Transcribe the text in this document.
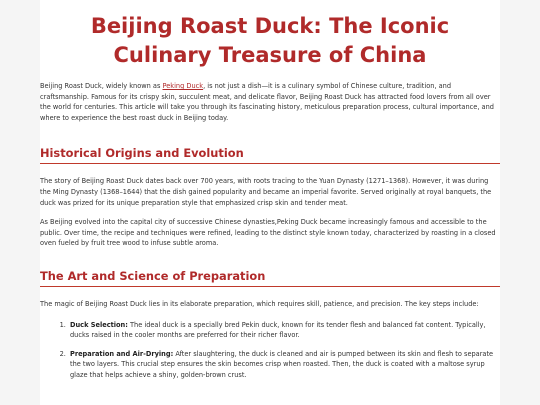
Beijing Roast Duck: The Iconic Culinary Treasure of China

Beijing Roast Duck, widely known as Peking Duck, is not just a dish—it is a culinary symbol of Chinese culture, tradition, and craftsmanship. Famous for its crispy skin, succulent meat, and delicate flavor, Beijing Roast Duck has attracted food lovers from all over the world for centuries. This article will take you through its fascinating history, meticulous preparation process, cultural importance, and where to experience the best roast duck in Beijing today.

Historical Origins and Evolution

The story of Beijing Roast Duck dates back over 700 years, with roots tracing to the Yuan Dynasty (1271–1368). However, it was during the Ming Dynasty (1368–1644) that the dish gained popularity and became an imperial favorite. Served originally at royal banquets, the duck was prized for its unique preparation style that emphasized crisp skin and tender meat.

As Beijing evolved into the capital city of successive Chinese dynasties,Peking Duck became increasingly famous and accessible to the public. Over time, the recipe and techniques were refined, leading to the distinct style known today, characterized by roasting in a closed oven fueled by fruit tree wood to infuse subtle aroma.

The Art and Science of Preparation

The magic of Beijing Roast Duck lies in its elaborate preparation, which requires skill, patience, and precision. The key steps include:

1. Duck Selection: The ideal duck is a specially bred Pekin duck, known for its tender flesh and balanced fat content. Typically, ducks raised in the cooler months are preferred for their richer flavor.
2. Preparation and Air-Drying: After slaughtering, the duck is cleaned and air is pumped between its skin and flesh to separate the two layers. This crucial step ensures the skin becomes crisp when roasted. Then, the duck is coated with a maltose syrup glaze that helps achieve a shiny, golden-brown crust.
